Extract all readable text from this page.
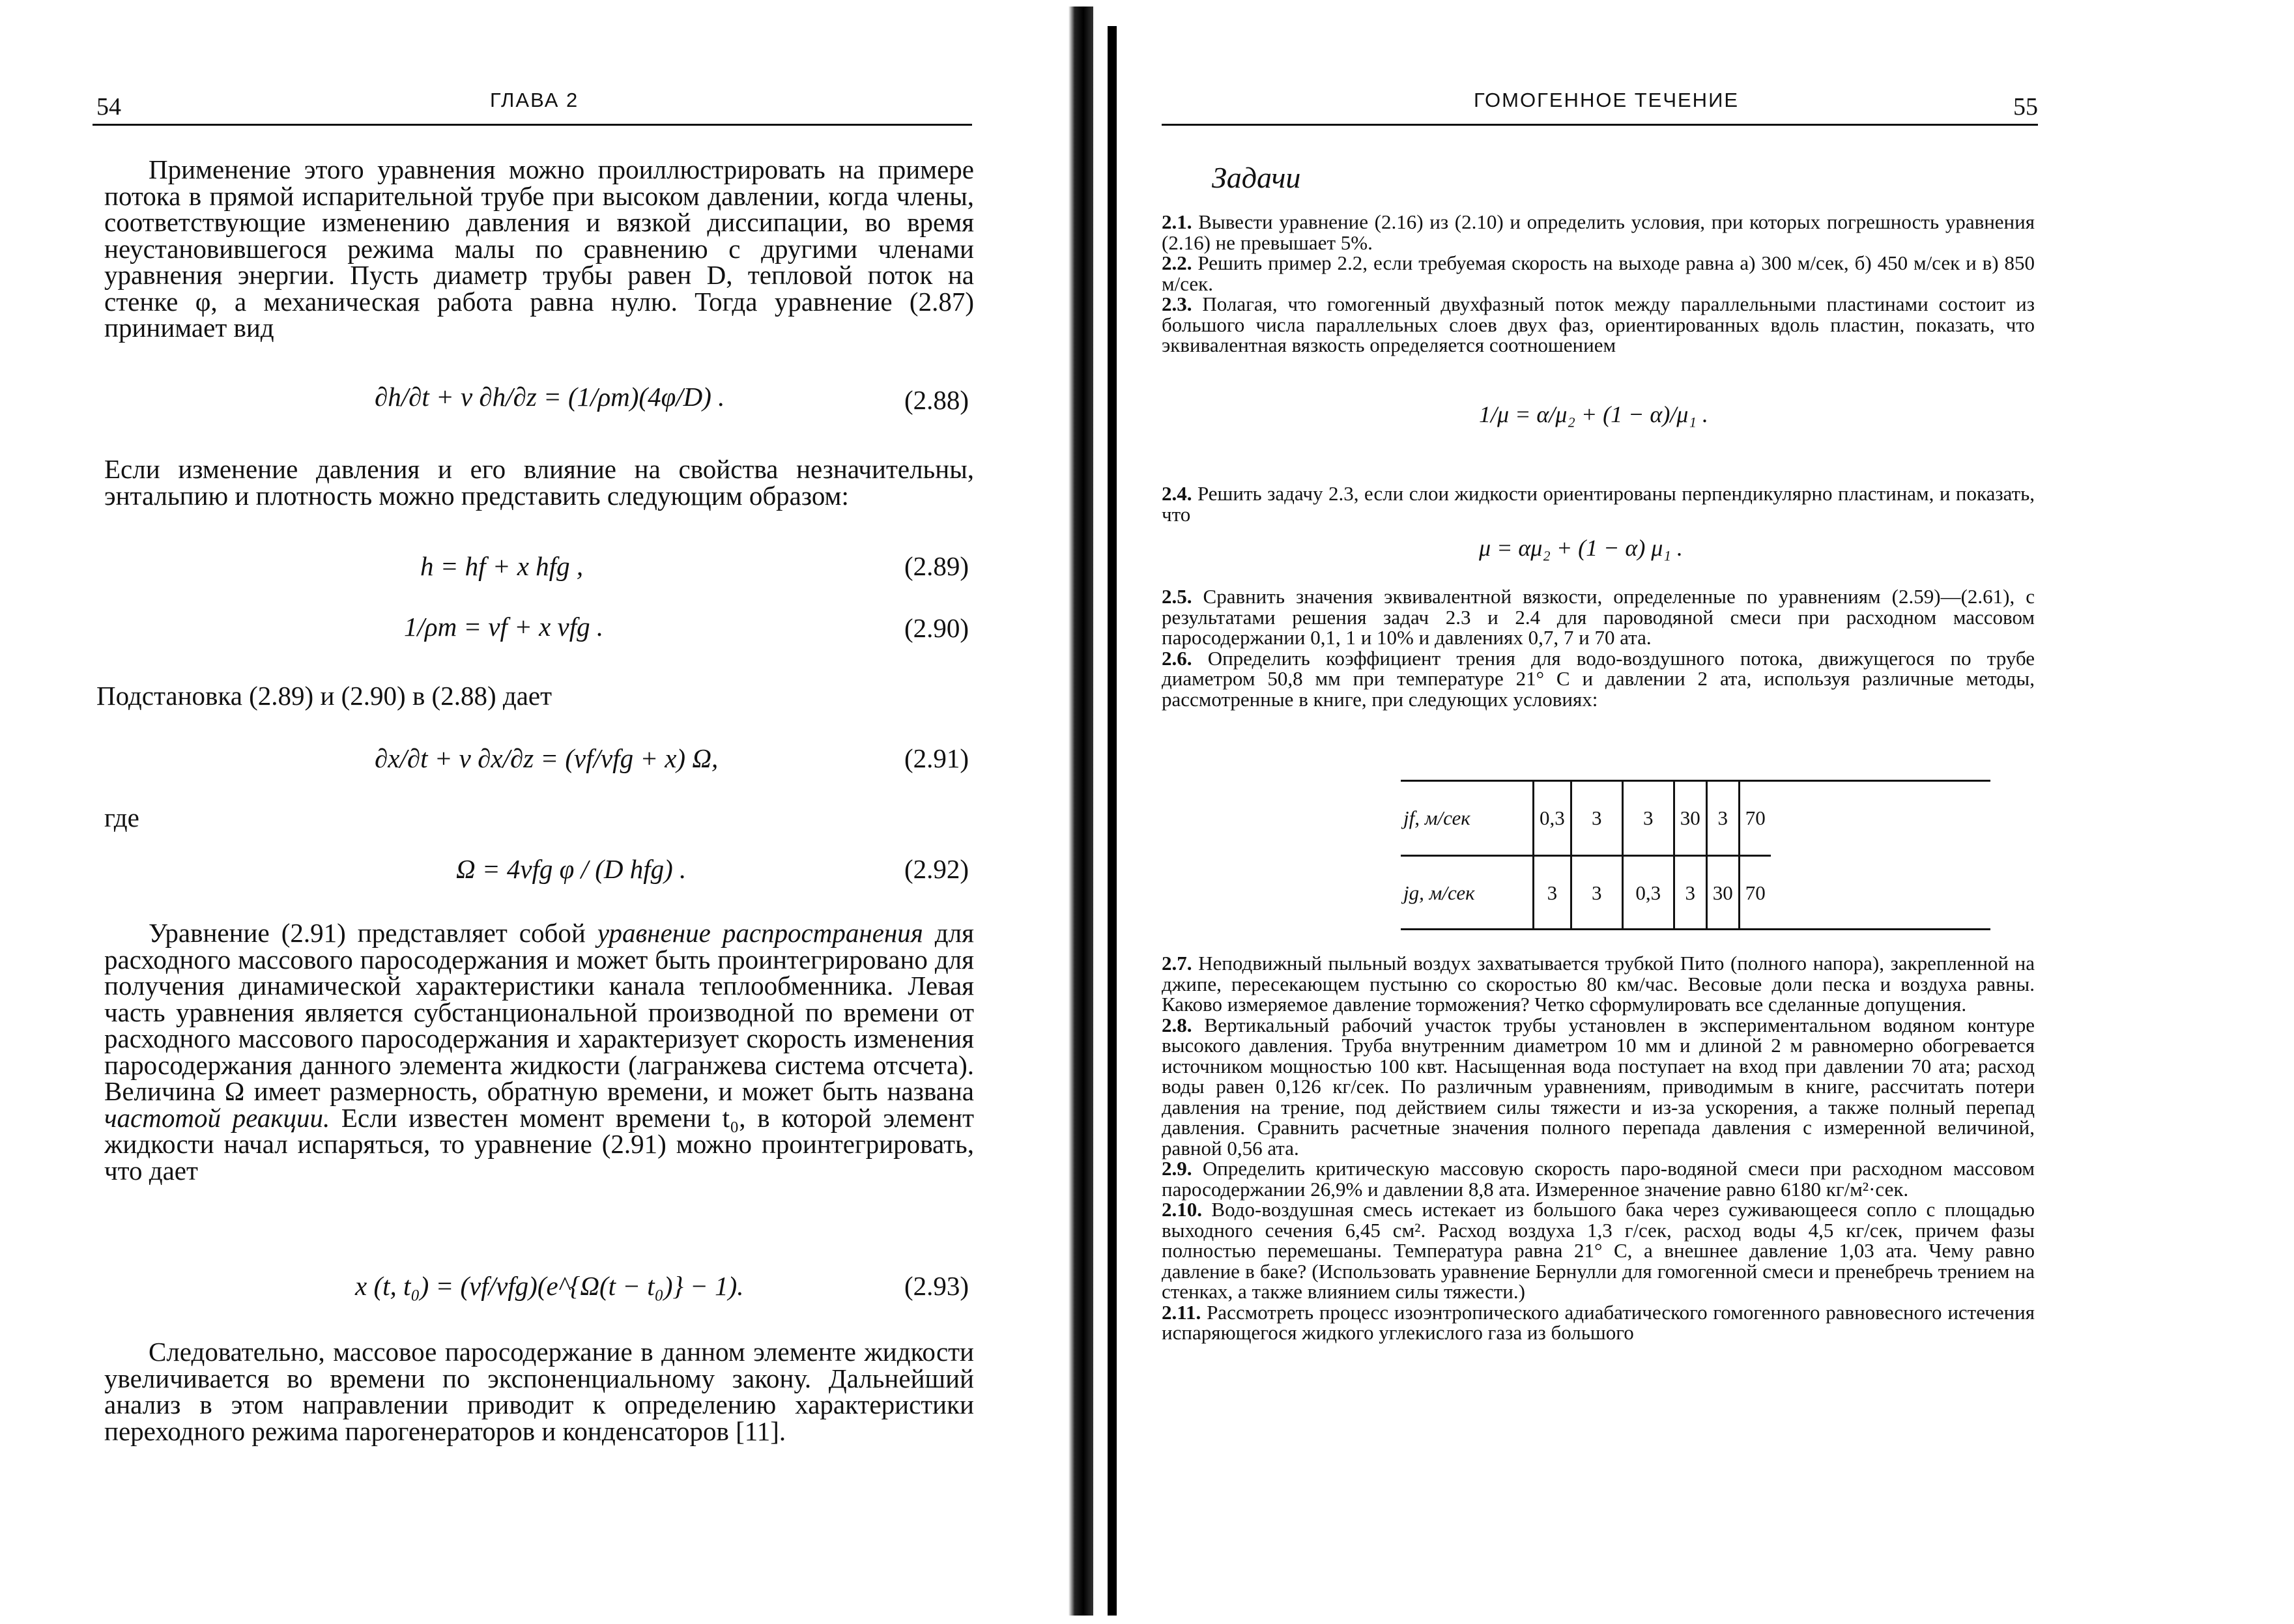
54	ГЛАВА 2

Применение этого уравнения можно проиллюстрировать на примере потока в прямой испарительной трубе при высоком давлении, когда члены, соответствующие изменению давления и вязкой диссипации, во время неустановившегося режима малы по сравнению с другими членами уравнения энергии. Пусть диаметр трубы равен D, тепловой поток на стенке φ, а механическая работа равна нулю. Тогда уравнение (2.87) принимает вид

∂h/∂t + v ∂h/∂z = (1/ρm)(4φ/D) .	(2.88)

Если изменение давления и его влияние на свойства незначительны, энтальпию и плотность можно представить следующим образом:

h = hf + x hfg ,	(2.89)
1/ρm = vf + x vfg .	(2.90)

Подстановка (2.89) и (2.90) в (2.88) дает

∂x/∂t + v ∂x/∂z = (vf/vfg + x) Ω,	(2.91)

где

Ω = 4vfg φ / (D hfg) .	(2.92)

Уравнение (2.91) представляет собой уравнение распространения для расходного массового паросодержания и может быть проинтегрировано для получения динамической характеристики канала теплообменника. Левая часть уравнения является субстанциональной производной по времени от расходного массового паросодержания и характеризует скорость изменения паросодержания данного элемента жидкости (лагранжева система отсчета). Величина Ω имеет размерность, обратную времени, и может быть названа частотой реакции. Если известен момент времени t₀, в которой элемент жидкости начал испаряться, то уравнение (2.91) можно проинтегрировать, что дает

x (t, t₀) = (vf/vfg)(e^{Ω(t − t₀)} − 1).	(2.93)

Следовательно, массовое паросодержание в данном элементе жидкости увеличивается во времени по экспоненциальному закону. Дальнейший анализ в этом направлении приводит к определению характеристики переходного режима парогенераторов и конденсаторов [11].

ГОМОГЕННОЕ ТЕЧЕНИЕ	55
Задачи

2.1. Вывести уравнение (2.16) из (2.10) и определить условия, при которых погрешность уравнения (2.16) не превышает 5%.

2.2. Решить пример 2.2, если требуемая скорость на выходе равна а) 300 м/сек, б) 450 м/сек и в) 850 м/сек.

2.3. Полагая, что гомогенный двухфазный поток между параллельными пластинами состоит из большого числа параллельных слоев двух фаз, ориентированных вдоль пластин, показать, что эквивалентная вязкость определяется соотношением

1/μ = α/μ₂ + (1 − α)/μ₁ .

2.4. Решить задачу 2.3, если слои жидкости ориентированы перпендикулярно пластинам, и показать, что

μ = αμ₂ + (1 − α) μ₁ .

2.5. Сравнить значения эквивалентной вязкости, определенные по уравнениям (2.59)—(2.61), с результатами решения задач 2.3 и 2.4 для пароводяной смеси при расходном массовом паросодержании 0,1, 1 и 10% и давлениях 0,7, 7 и 70 ата.

2.6. Определить коэффициент трения для водо-воздушного потока, движущегося по трубе диаметром 50,8 мм при температуре 21° С и давлении 2 ата, используя различные методы, рассмотренные в книге, при следующих условиях:

jf, м/сек	0,3	3	3	30	3	70
jg, м/сек	3	3	0,3	3	30	70

2.7. Неподвижный пыльный воздух захватывается трубкой Пито (полного напора), закрепленной на джипе, пересекающем пустыню со скоростью 80 км/час. Весовые доли песка и воздуха равны. Каково измеряемое давление торможения? Четко сформулировать все сделанные допущения.

2.8. Вертикальный рабочий участок трубы установлен в экспериментальном водяном контуре высокого давления. Труба внутренним диаметром 10 мм и длиной 2 м равномерно обогревается источником мощностью 100 квт. Насыщенная вода поступает на вход при давлении 70 ата; расход воды равен 0,126 кг/сек. По различным уравнениям, приводимым в книге, рассчитать потери давления на трение, под действием силы тяжести и из-за ускорения, а также полный перепад давления. Сравнить расчетные значения полного перепада давления с измеренной величиной, равной 0,56 ата.

2.9. Определить критическую массовую скорость паро-водяной смеси при расходном массовом паросодержании 26,9% и давлении 8,8 ата. Измеренное значение равно 6180 кг/м²·сек.

2.10. Водо-воздушная смесь истекает из большого бака через суживающееся сопло с площадью выходного сечения 6,45 см². Расход воздуха 1,3 г/сек, расход воды 4,5 кг/сек, причем фазы полностью перемешаны. Температура равна 21° С, а внешнее давление 1,03 ата. Чему равно давление в баке? (Использовать уравнение Бернулли для гомогенной смеси и пренебречь трением на стенках, а также влиянием силы тяжести.)

2.11. Рассмотреть процесс изоэнтропического адиабатического гомогенного равновесного истечения испаряющегося жидкого углекислого газа из большого
